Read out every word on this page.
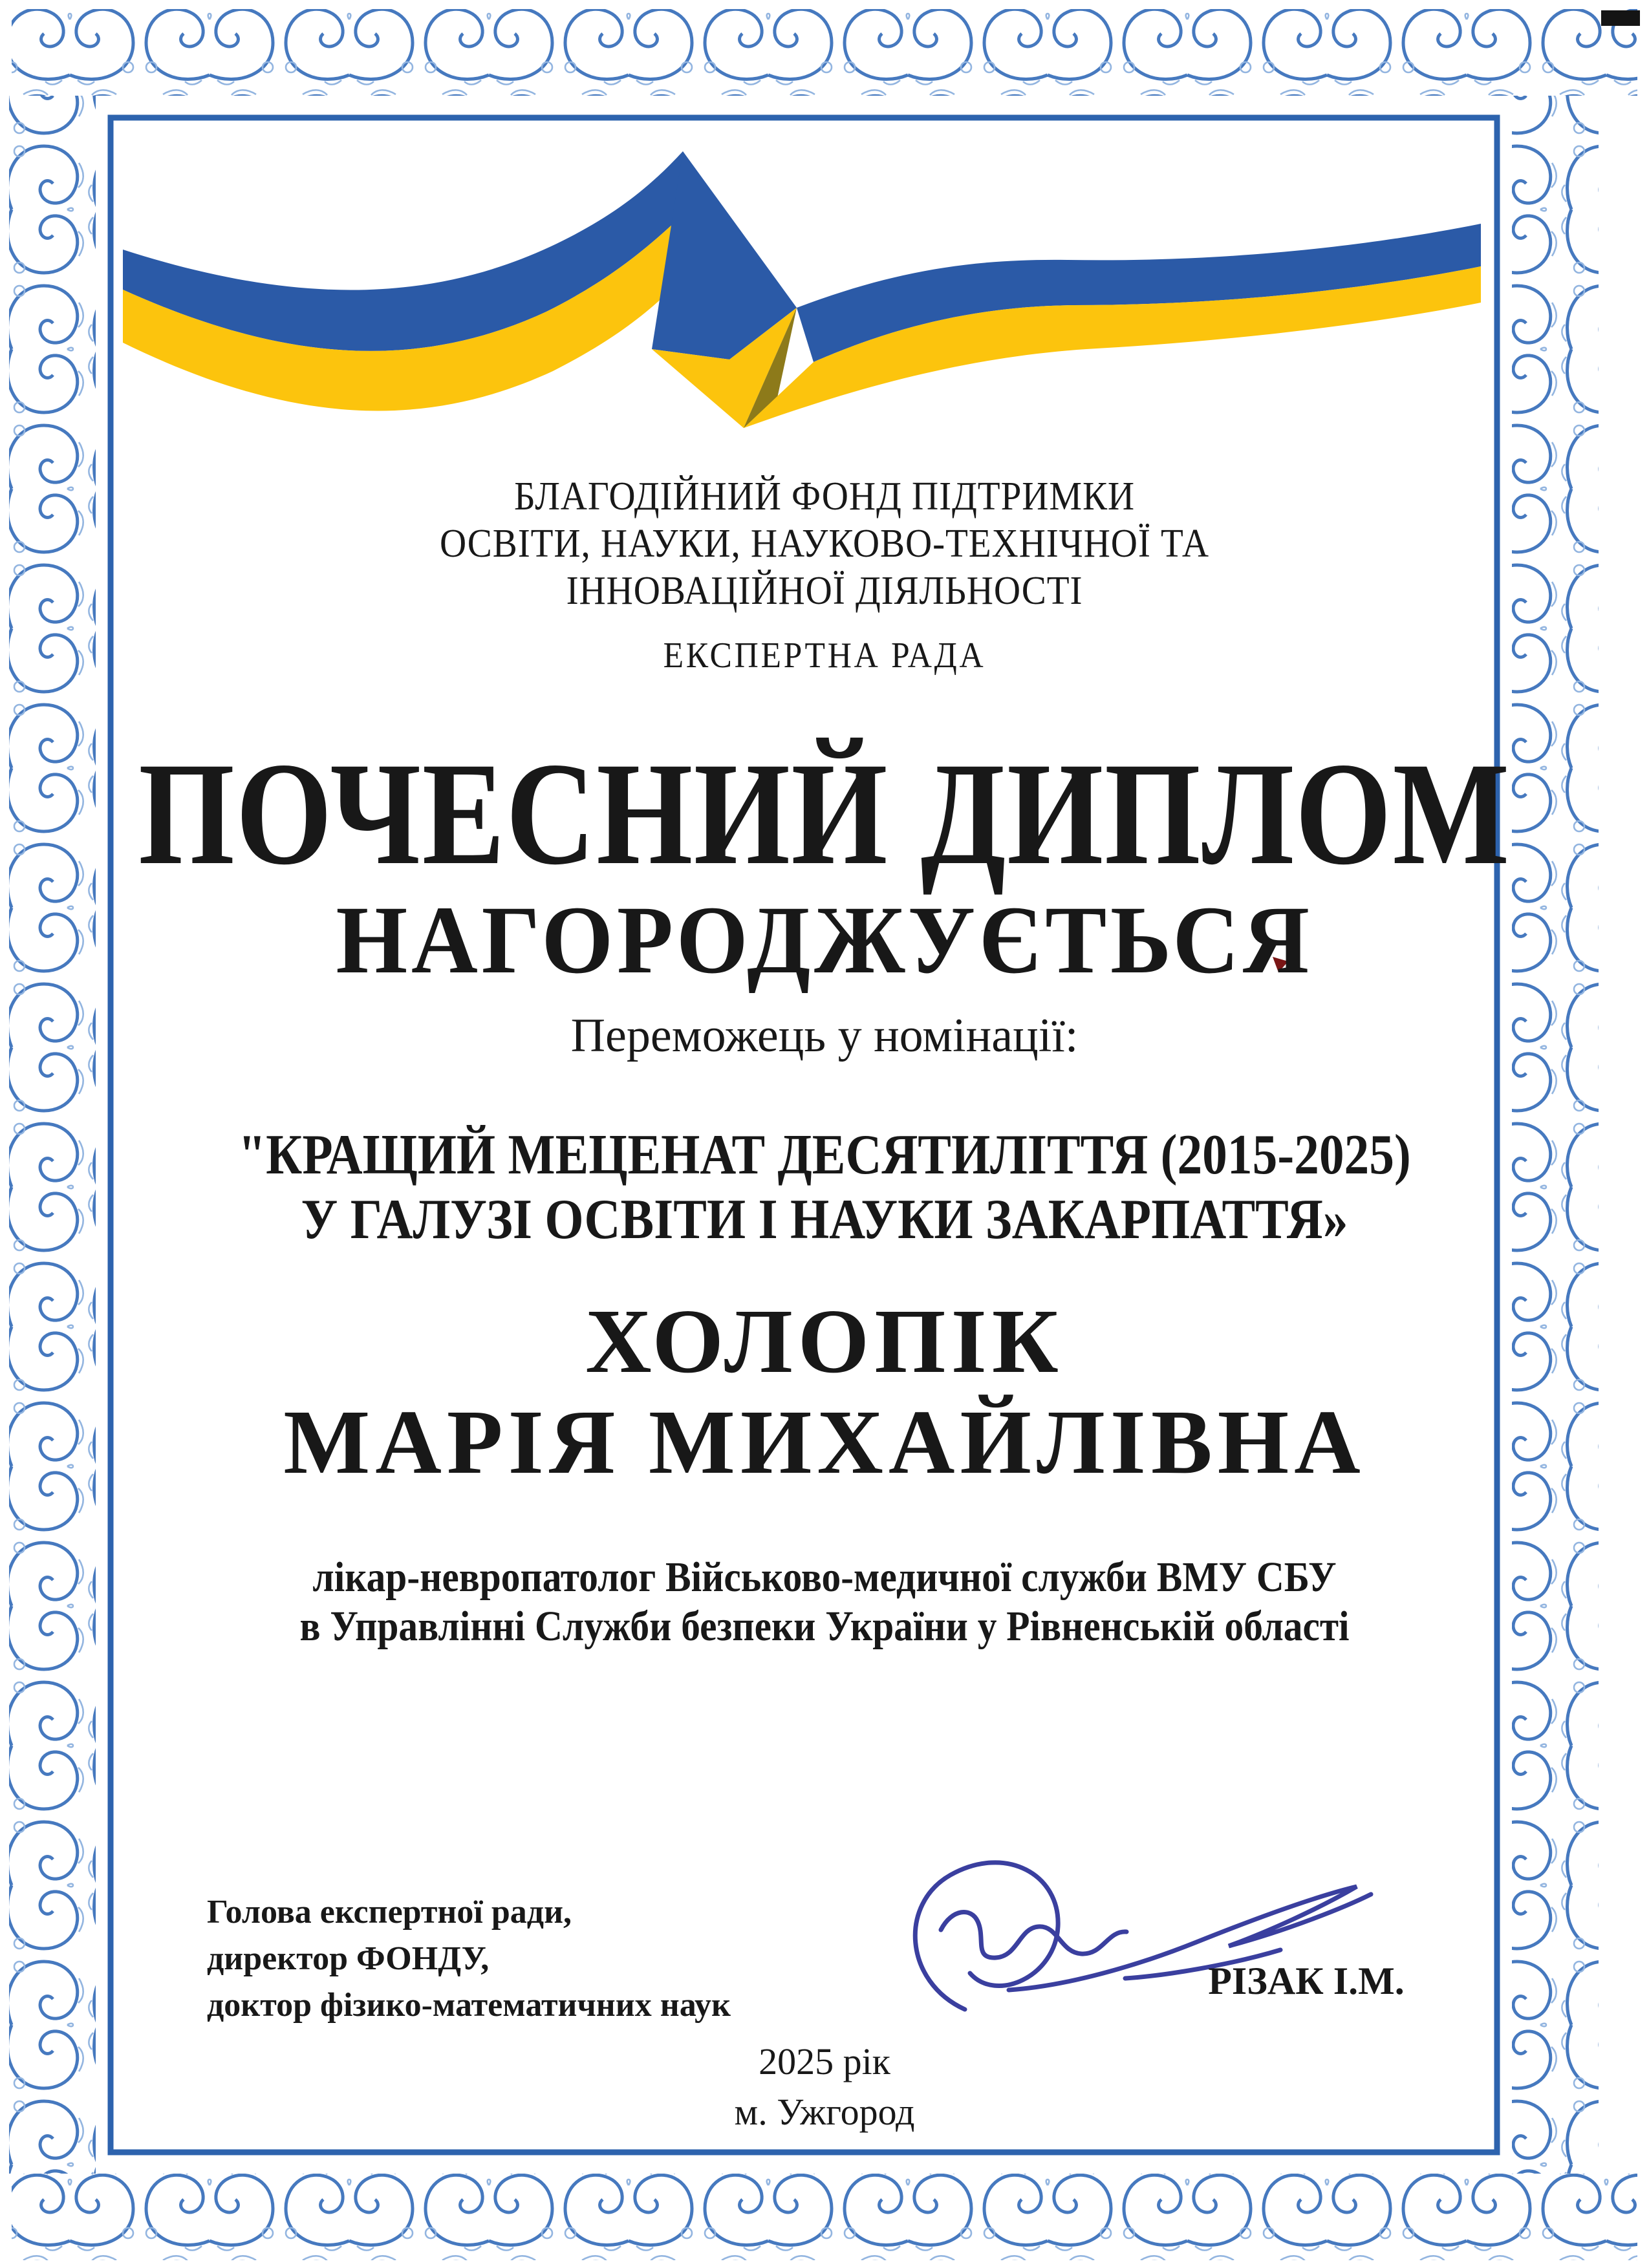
БЛАГОДІЙНИЙ ФОНД ПІДТРИМКИ
ОСВІТИ, НАУКИ, НАУКОВО-ТЕХНІЧНОЇ ТА
ІННОВАЦІЙНОЇ ДІЯЛЬНОСТІ
ЕКСПЕРТНА РАДА
ПОЧЕСНИЙ ДИПЛОМ
НАГОРОДЖУЄТЬСЯ
Переможець у номінації:
"КРАЩИЙ МЕЦЕНАТ ДЕСЯТИЛІТТЯ (2015-2025)
У ГАЛУЗІ ОСВІТИ І НАУКИ ЗАКАРПАТТЯ»
ХОЛОПІК
МАРІЯ МИХАЙЛІВНА
лікар-невропатолог Військово-медичної служби ВМУ СБУ
в Управлінні Служби безпеки України у Рівненській області
Голова експертної ради,
директор ФОНДУ,
доктор фізико-математичних наук
РІЗАК І.М.
2025 рік
м. Ужгород
